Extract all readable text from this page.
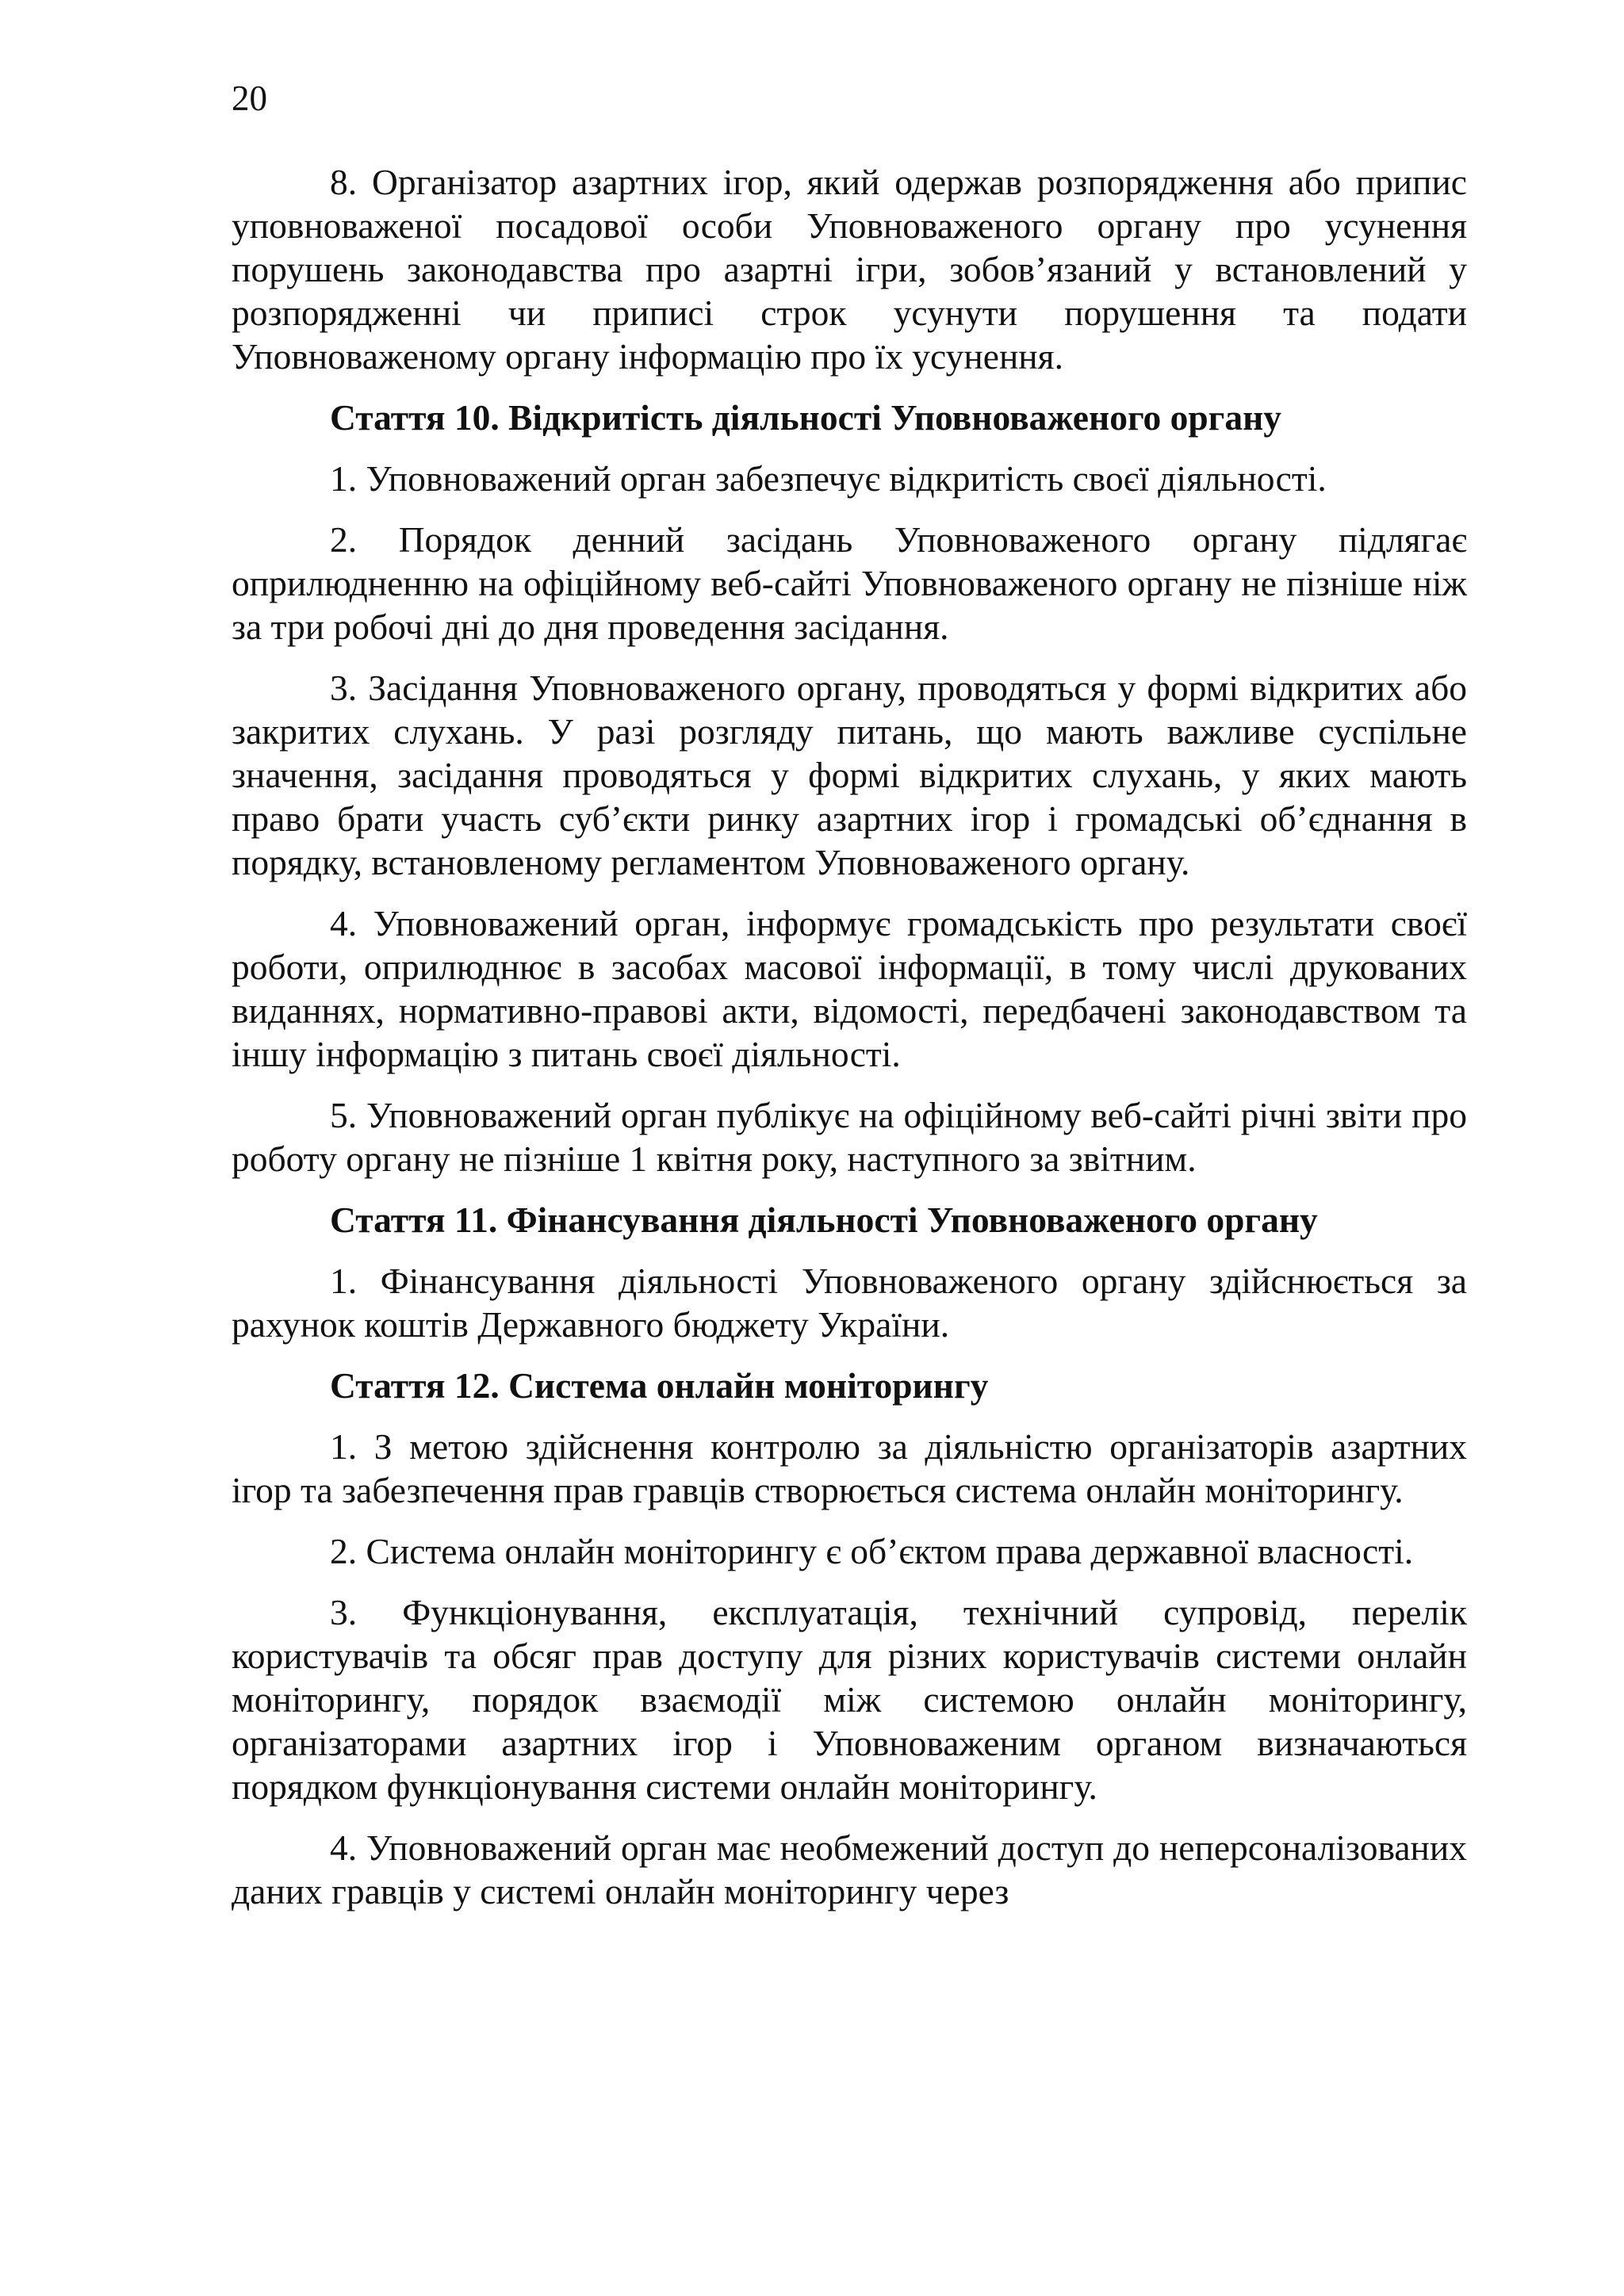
20

8. Організатор азартних ігор, який одержав розпорядження або припис уповноваженої посадової особи Уповноваженого органу про усунення порушень законодавства про азартні ігри, зобов’язаний у встановлений у розпорядженні чи приписі строк усунути порушення та подати Уповноваженому органу інформацію про їх усунення.

Стаття 10. Відкритість діяльності Уповноваженого органу

1. Уповноважений орган забезпечує відкритість своєї діяльності.

2. Порядок денний засідань Уповноваженого органу підлягає оприлюдненню на офіційному веб-сайті Уповноваженого органу не пізніше ніж за три робочі дні до дня проведення засідання.

3. Засідання Уповноваженого органу, проводяться у формі відкритих або закритих слухань. У разі розгляду питань, що мають важливе суспільне значення, засідання проводяться у формі відкритих слухань, у яких мають право брати участь суб’єкти ринку азартних ігор і громадські об’єднання в порядку, встановленому регламентом Уповноваженого органу.

4. Уповноважений орган, інформує громадськість про результати своєї роботи, оприлюднює в засобах масової інформації, в тому числі друкованих виданнях, нормативно-правові акти, відомості, передбачені законодавством та іншу інформацію з питань своєї діяльності.

5. Уповноважений орган публікує на офіційному веб-сайті річні звіти про роботу органу не пізніше 1 квітня року, наступного за звітним.

Стаття 11. Фінансування діяльності Уповноваженого органу

1. Фінансування діяльності Уповноваженого органу здійснюється за рахунок коштів Державного бюджету України.

Стаття 12. Система онлайн моніторингу

1. З метою здійснення контролю за діяльністю організаторів азартних ігор та забезпечення прав гравців створюється система онлайн моніторингу.

2. Система онлайн моніторингу є об’єктом права державної власності.

3. Функціонування, експлуатація, технічний супровід, перелік користувачів та обсяг прав доступу для різних користувачів системи онлайн моніторингу, порядок взаємодії між системою онлайн моніторингу, організаторами азартних ігор і Уповноваженим органом визначаються порядком функціонування системи онлайн моніторингу.

4. Уповноважений орган має необмежений доступ до неперсоналізованих даних гравців у системі онлайн моніторингу через
